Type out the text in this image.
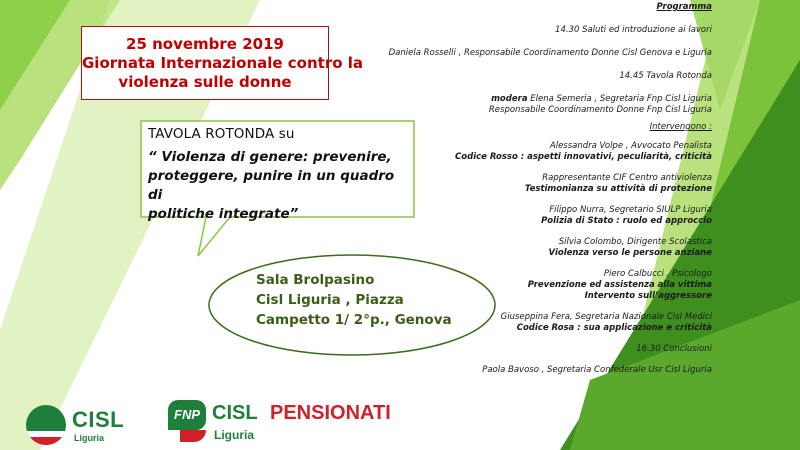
25 novembre 2019
Giornata Internazionale contro la
violenza sulle donne
TAVOLA ROTONDA su
“ Violenza di genere: prevenire,
proteggere, punire in un quadro di
politiche integrate”
Sala Brolpasino
Cisl Liguria , Piazza
Campetto 1/ 2°p., Genova
Programma
14.30 Saluti ed introduzione ai lavori
Daniela Rosselli , Responsabile Coordinamento Donne Cisl Genova e Liguria
14.45 Tavola Rotonda
modera Elena Semeria , Segretaria Fnp Cisl Liguria
Responsabile Coordinamento Donne Fnp Cisl Liguria
Intervengono :
Alessandra Volpe , Avvocato Penalista
Codice Rosso : aspetti innovativi, peculiarità, criticità
Rappresentante CIF Centro antiviolenza
Testimonianza su attività di protezione
Filippo Nurra, Segretario SIULP Liguria
Polizia di Stato : ruolo ed approccio
Silvia Colombo, Dirigente Scolastica
Violenza verso le persone anziane
Piero Calbucci , Psicologo
Prevenzione ed assistenza alla vittima
Intervento sull’aggressore
Giuseppina Fera, Segretaria Nazionale Cisl Medici
Codice Rosa : sua applicazione e criticità
16.30 Conclusioni
Paola Bavoso , Segretaria Confederale Usr Cisl Liguria
CISL
Liguria
FNP CISL PENSIONATI
Liguria
